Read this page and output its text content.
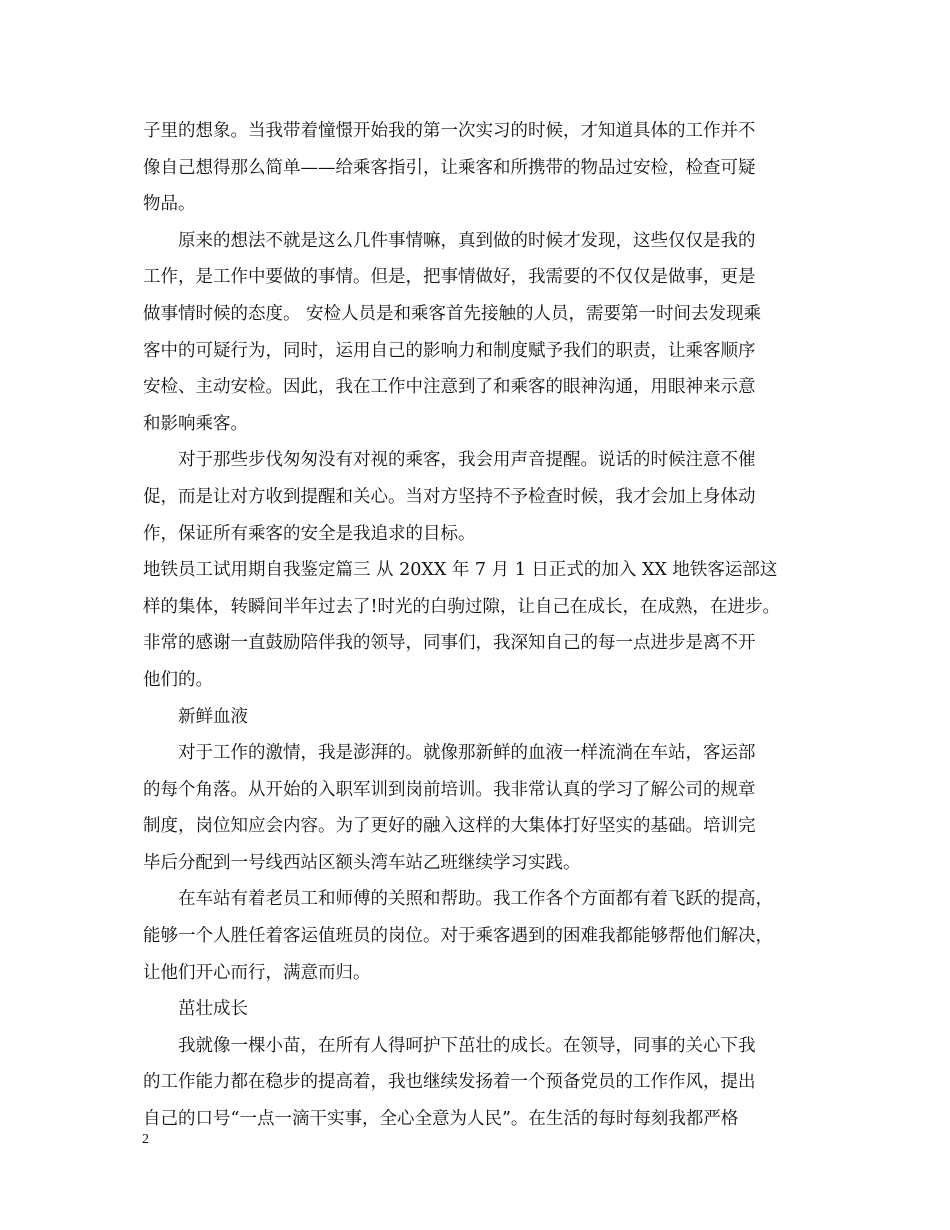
子里的想象。当我带着憧憬开始我的第一次实习的时候，才知道具体的工作并不
像自己想得那么简单——给乘客指引，让乘客和所携带的物品过安检，检查可疑
物品。
原来的想法不就是这么几件事情嘛，真到做的时候才发现，这些仅仅是我的
工作，是工作中要做的事情。但是，把事情做好，我需要的不仅仅是做事，更是
做事情时候的态度。 安检人员是和乘客首先接触的人员，需要第一时间去发现乘
客中的可疑行为，同时，运用自己的影响力和制度赋予我们的职责，让乘客顺序
安检、主动安检。因此，我在工作中注意到了和乘客的眼神沟通，用眼神来示意
和影响乘客。
对于那些步伐匆匆没有对视的乘客，我会用声音提醒。说话的时候注意不催
促，而是让对方收到提醒和关心。当对方坚持不予检查时候，我才会加上身体动
作，保证所有乘客的安全是我追求的目标。
地铁员工试用期自我鉴定篇三 从 20XX 年 7 月 1 日正式的加入 XX 地铁客运部这
样的集体，转瞬间半年过去了!时光的白驹过隙，让自己在成长，在成熟，在进步。
非常的感谢一直鼓励陪伴我的领导，同事们，我深知自己的每一点进步是离不开
他们的。
新鲜血液
对于工作的激情，我是澎湃的。就像那新鲜的血液一样流淌在车站，客运部
的每个角落。从开始的入职军训到岗前培训。我非常认真的学习了解公司的规章
制度，岗位知应会内容。为了更好的融入这样的大集体打好坚实的基础。培训完
毕后分配到一号线西站区额头湾车站乙班继续学习实践。
在车站有着老员工和师傅的关照和帮助。我工作各个方面都有着飞跃的提高，
能够一个人胜任着客运值班员的岗位。对于乘客遇到的困难我都能够帮他们解决，
让他们开心而行，满意而归。
茁壮成长
我就像一棵小苗，在所有人得呵护下茁壮的成长。在领导，同事的关心下我
的工作能力都在稳步的提高着，我也继续发扬着一个预备党员的工作作风，提出
自己的口号“一点一滴干实事，全心全意为人民”。在生活的每时每刻我都严格
2
